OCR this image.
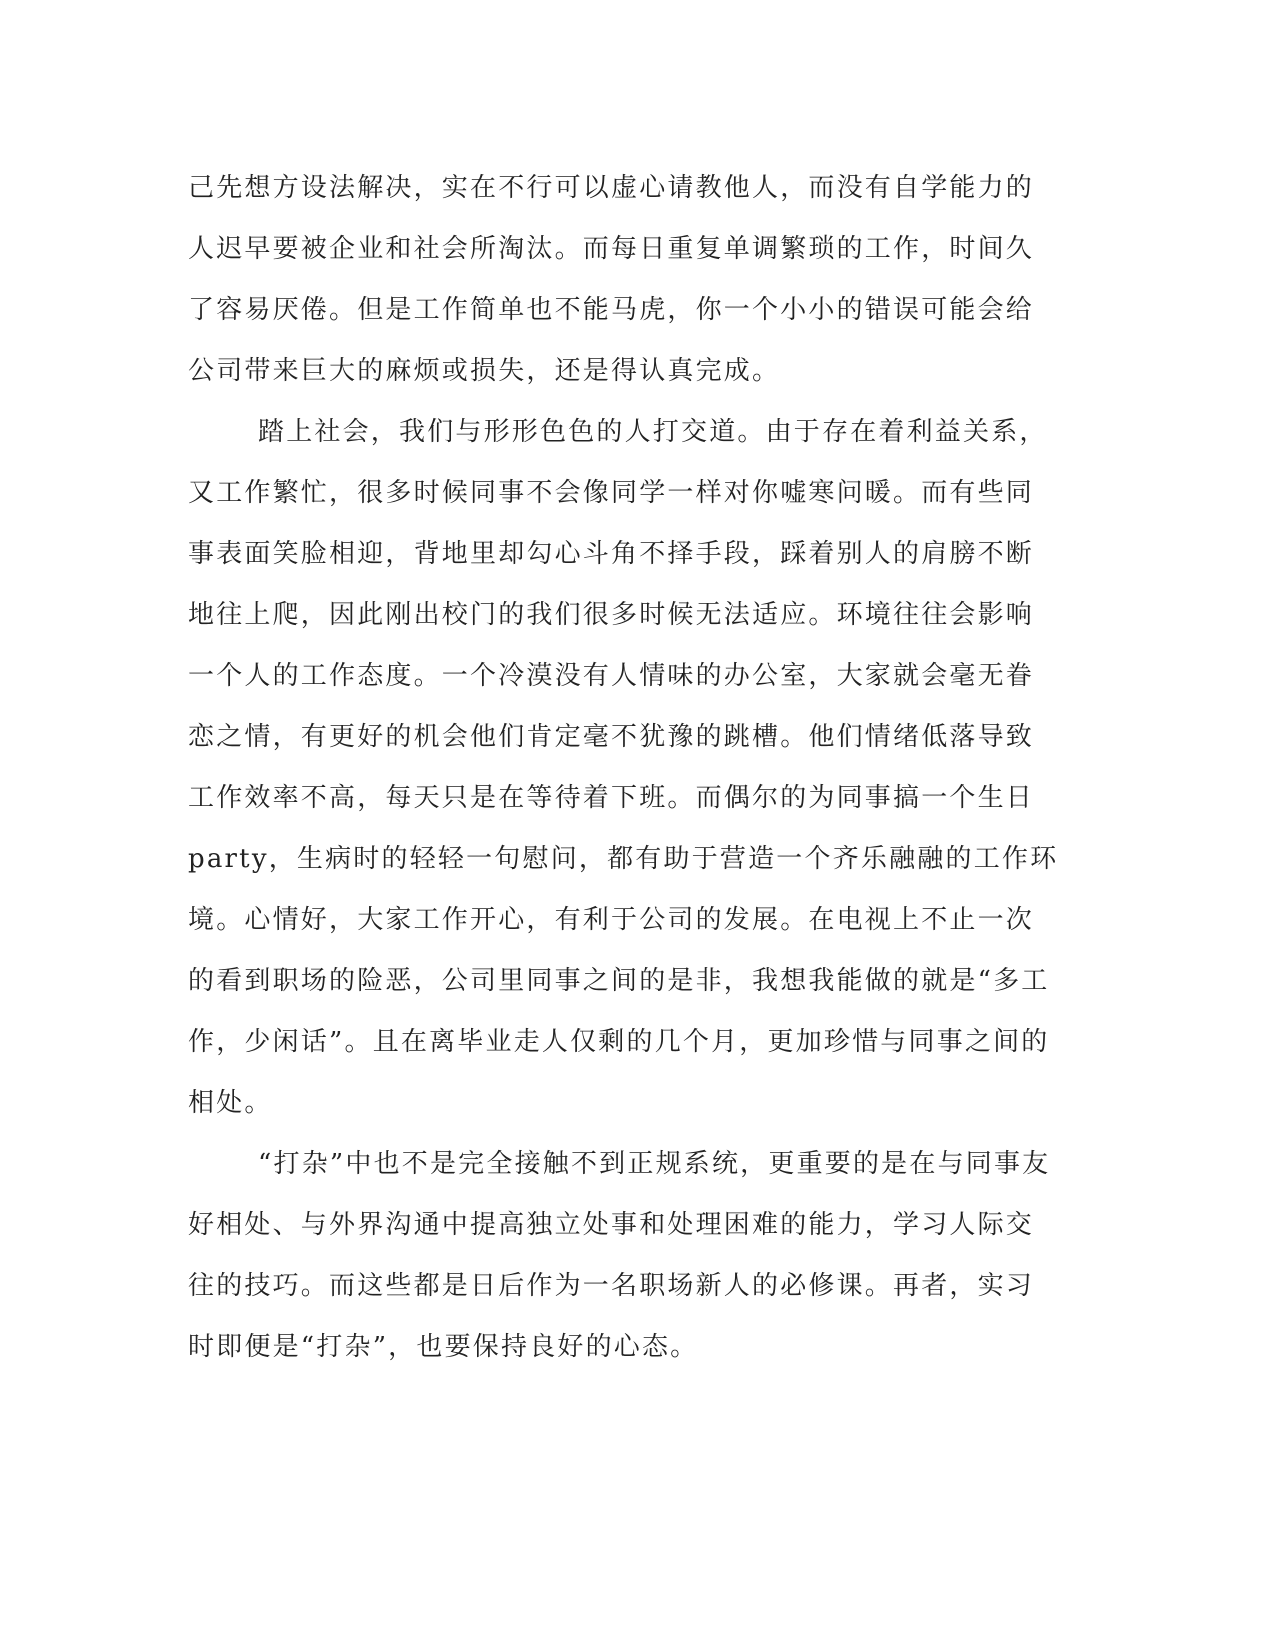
己先想方设法解决，实在不行可以虚心请教他人，而没有自学能力的
人迟早要被企业和社会所淘汰。而每日重复单调繁琐的工作，时间久
了容易厌倦。但是工作简单也不能马虎，你一个小小的错误可能会给
公司带来巨大的麻烦或损失，还是得认真完成。
踏上社会，我们与形形色色的人打交道。由于存在着利益关系，
又工作繁忙，很多时候同事不会像同学一样对你嘘寒问暖。而有些同
事表面笑脸相迎，背地里却勾心斗角不择手段，踩着别人的肩膀不断
地往上爬，因此刚出校门的我们很多时候无法适应。环境往往会影响
一个人的工作态度。一个冷漠没有人情味的办公室，大家就会毫无眷
恋之情，有更好的机会他们肯定毫不犹豫的跳槽。他们情绪低落导致
工作效率不高，每天只是在等待着下班。而偶尔的为同事搞一个生日
party，生病时的轻轻一句慰问，都有助于营造一个齐乐融融的工作环
境。心情好，大家工作开心，有利于公司的发展。在电视上不止一次
的看到职场的险恶，公司里同事之间的是非，我想我能做的就是“多工
作，少闲话”。且在离毕业走人仅剩的几个月，更加珍惜与同事之间的
相处。
“打杂”中也不是完全接触不到正规系统，更重要的是在与同事友
好相处、与外界沟通中提高独立处事和处理困难的能力，学习人际交
往的技巧。而这些都是日后作为一名职场新人的必修课。再者，实习
时即便是“打杂”，也要保持良好的心态。
